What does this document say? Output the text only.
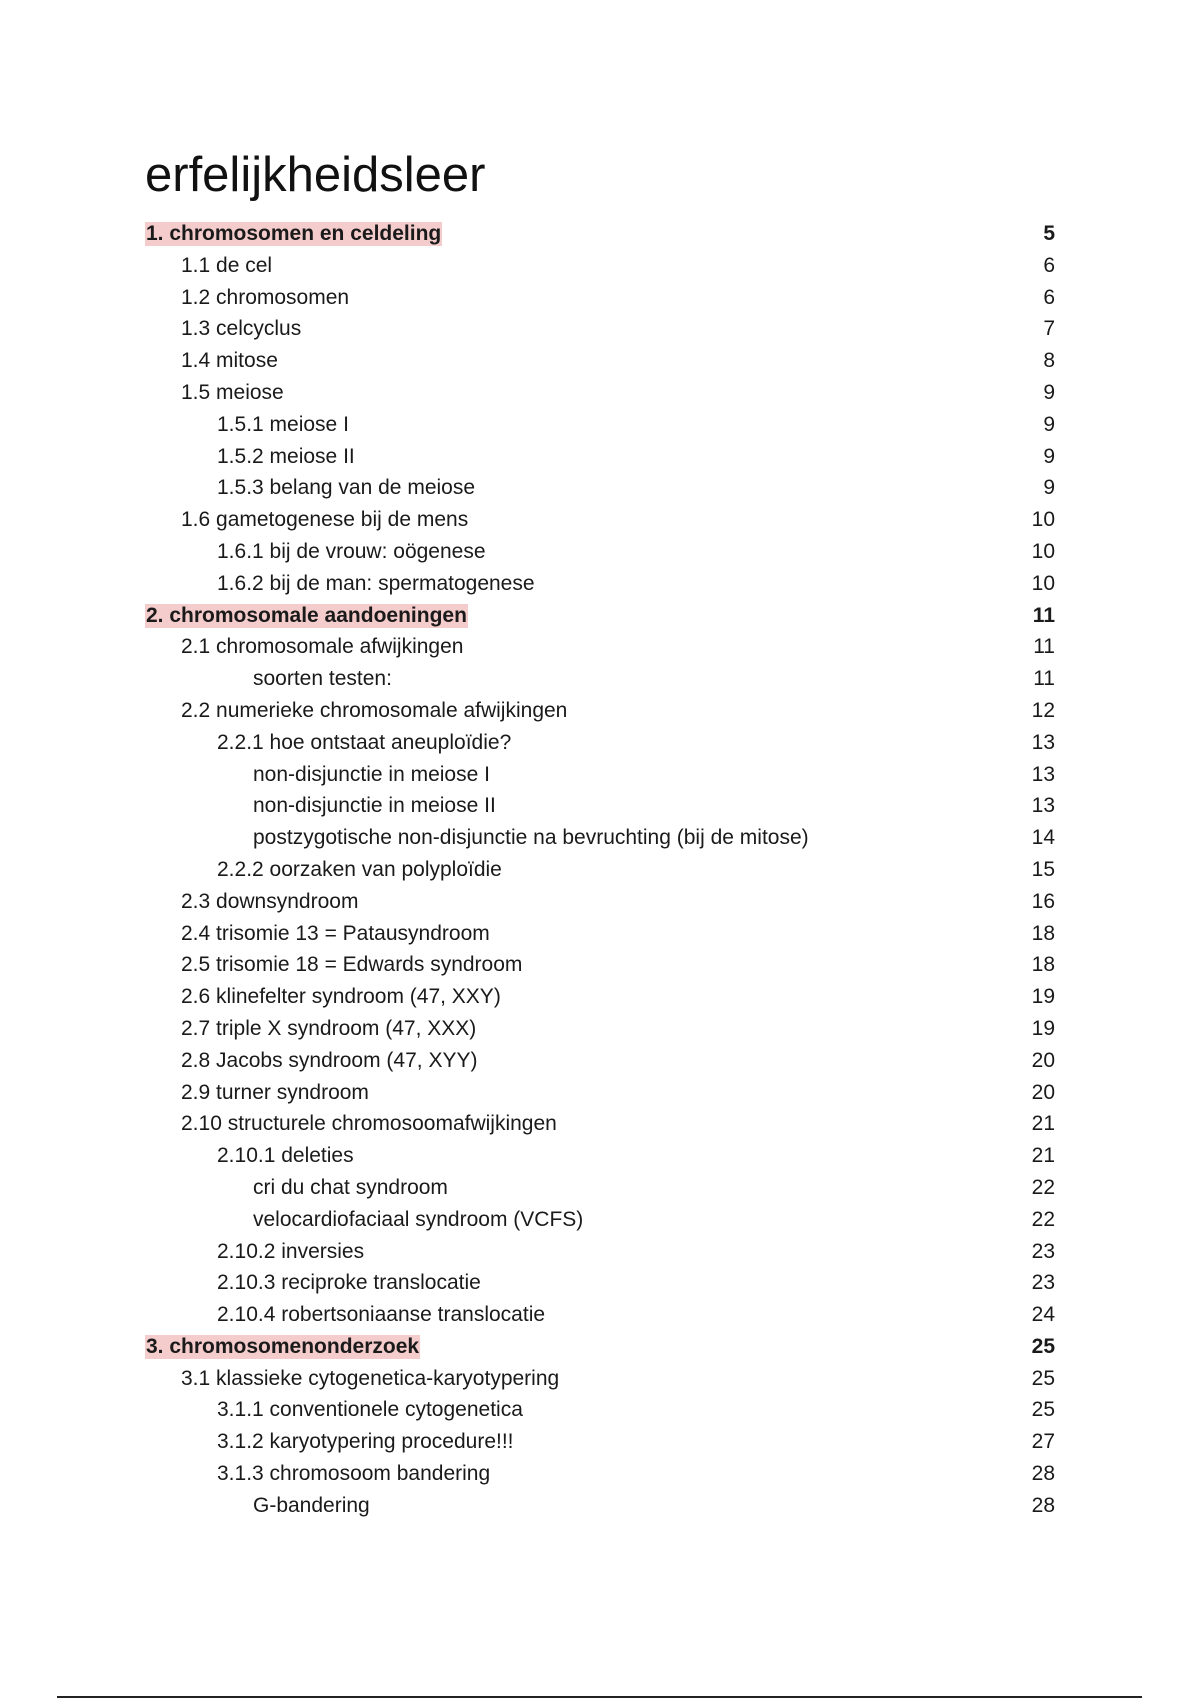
erfelijkheidsleer
1. chromosomen en celdeling	5
1.1 de cel	6
1.2 chromosomen	6
1.3 celcyclus	7
1.4 mitose	8
1.5 meiose	9
1.5.1 meiose I	9
1.5.2 meiose II	9
1.5.3 belang van de meiose	9
1.6 gametogenese bij de mens	10
1.6.1 bij de vrouw: oögenese	10
1.6.2 bij de man: spermatogenese	10
2. chromosomale aandoeningen	11
2.1 chromosomale afwijkingen	11
soorten testen:	11
2.2 numerieke chromosomale afwijkingen	12
2.2.1 hoe ontstaat aneuploïdie?	13
non-disjunctie in meiose I	13
non-disjunctie in meiose II	13
postzygotische non-disjunctie na bevruchting (bij de mitose)	14
2.2.2 oorzaken van polyploïdie	15
2.3 downsyndroom	16
2.4 trisomie 13 = Patausyndroom	18
2.5 trisomie 18 = Edwards syndroom	18
2.6 klinefelter syndroom (47, XXY)	19
2.7 triple X syndroom (47, XXX)	19
2.8 Jacobs syndroom (47, XYY)	20
2.9 turner syndroom	20
2.10 structurele chromosoomafwijkingen	21
2.10.1 deleties	21
cri du chat syndroom	22
velocardiofaciaal syndroom (VCFS)	22
2.10.2 inversies	23
2.10.3 reciproke translocatie	23
2.10.4 robertsoniaanse translocatie	24
3. chromosomenonderzoek	25
3.1 klassieke cytogenetica-karyotypering	25
3.1.1 conventionele cytogenetica	25
3.1.2 karyotypering procedure!!!	27
3.1.3 chromosoom bandering	28
G-bandering	28
